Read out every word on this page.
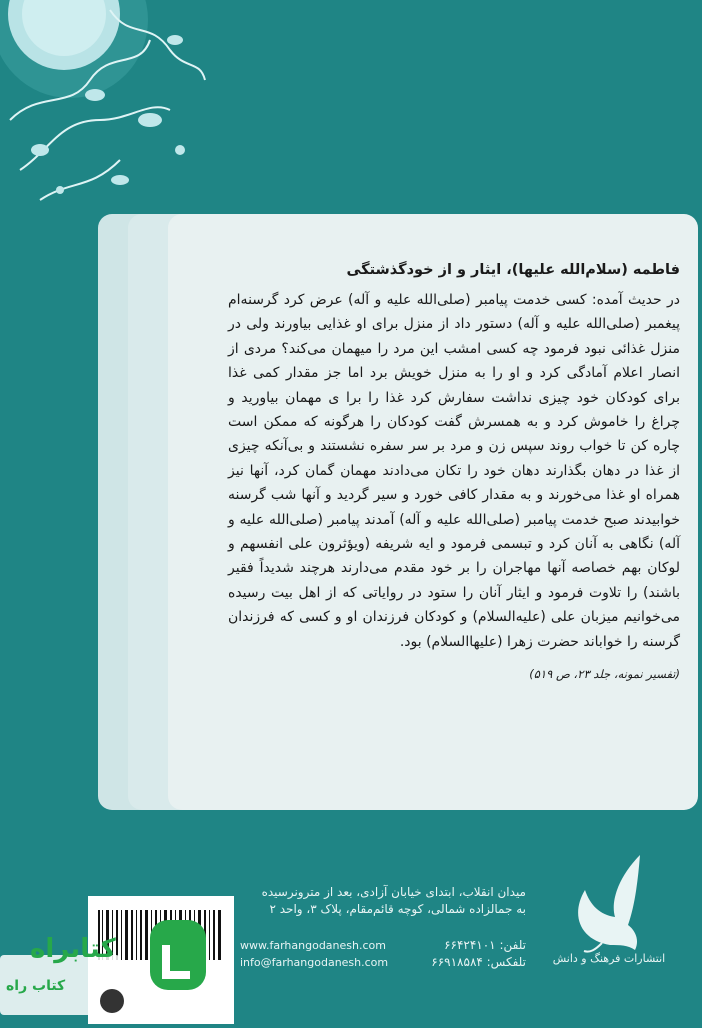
فاطمه (سلام‌الله علیها)، ایثار و از خودگذشتگی

در حدیث آمده: کسی خدمت پیامبر (صلی‌الله علیه و آله) عرض کرد گرسنه‌ام پیغمبر (صلی‌الله علیه و آله) دستور داد از منزل برای او غذایی بیاورند ولی در منزل غذائی نبود فرمود چه کسی امشب این مرد را میهمان می‌کند؟ مردی از انصار اعلام آمادگی کرد و او را به منزل خویش برد اما جز مقدار کمی غذا برای کودکان خود چیزی نداشت سفارش کرد غذا را برا ی مهمان بیاورید و چراغ را خاموش کرد و به همسرش گفت کودکان را هرگونه که ممکن است چاره کن تا خواب روند سپس زن و مرد بر سر سفره نشستند و بی‌آنکه چیزی از غذا در دهان بگذارند دهان خود را تکان می‌دادند مهمان گمان کرد، آنها نیز همراه او غذا می‌خورند و به مقدار کافی خورد و سیر گردید و آنها شب گرسنه خوابیدند صبح خدمت پیامبر (صلی‌الله علیه و آله) آمدند پیامبر (صلی‌الله علیه و آله) نگاهی به آنان کرد و تبسمی فرمود و ایه شریفه (ویؤثرون علی انفسهم و لوکان بهم خصاصه آنها مهاجران را بر خود مقدم می‌دارند هرچند شدیداً فقیر باشند) را تلاوت فرمود و ایثار آنان را ستود در روایاتی که از اهل بیت رسیده می‌خوانیم میزبان علی (علیه‌السلام) و کودکان فرزندان او و کسی که فرزندان گرسنه را خواباند حضرت زهرا (علیهاالسلام) بود.

(تفسیر نمونه، جلد ۲۳، ص ۵۱۹)
میدان انقلاب، ابتدای خیابان آزادی، بعد از مترونرسیده
به جمالزاده شمالی، کوچه قائم‌مقام، پلاک ۳، واحد ۲
تلفن: ۶۶۴۲۴۱۰۱
تلفکس: ۶۶۹۱۸۵۸۴
www.farhangodanesh.com
info@farhangodanesh.com	انتشارات فرهنگ و دانش
کتابراه
کتاب راه
